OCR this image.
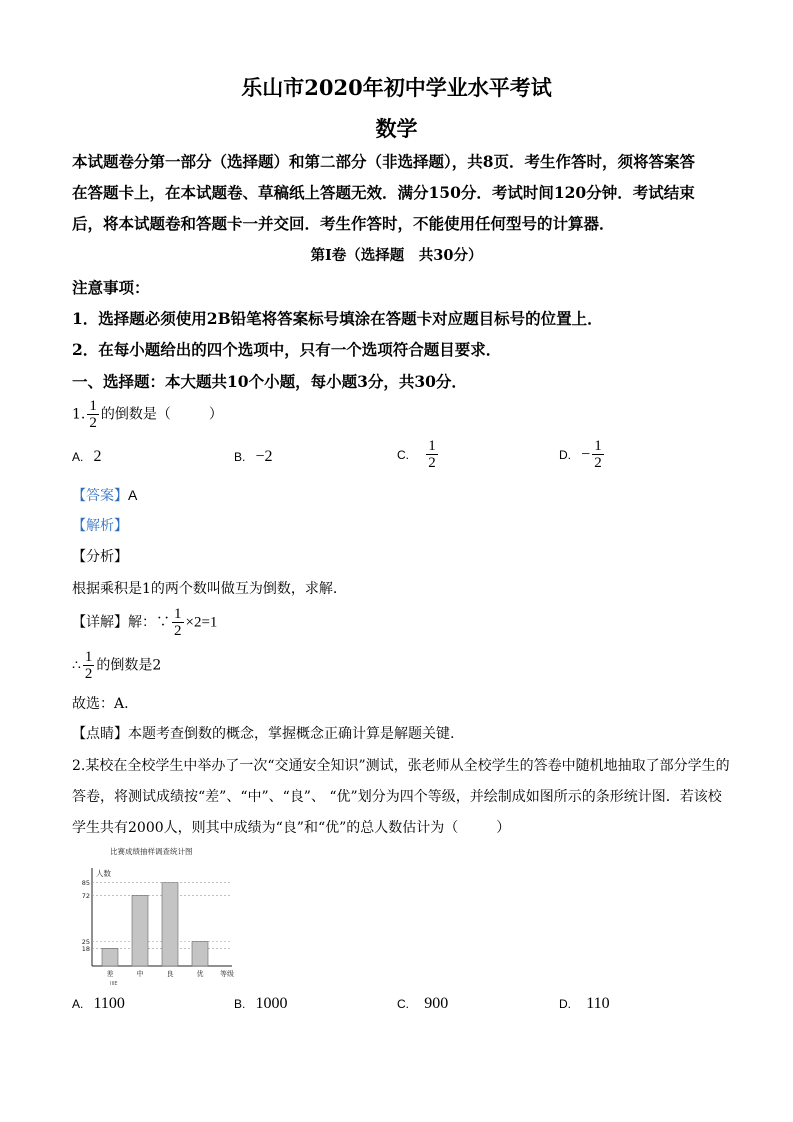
乐山市2020年初中学业水平考试
数学
本试题卷分第一部分（选择题）和第二部分（非选择题），共8页．考生作答时，须将答案答
在答题卡上，在本试题卷、草稿纸上答题无效．满分150分．考试时间120分钟．考试结束
后，将本试题卷和答题卡一并交回．考生作答时，不能使用任何型号的计算器．
第Ⅰ卷（选择题　共30分）
注意事项：
1．选择题必须使用2B铅笔将答案标号填涂在答题卡对应题目标号的位置上．
2．在每小题给出的四个选项中，只有一个选项符合题目要求．
一、选择题：本大题共10个小题，每小题3分，共30分．
1. $\frac{1}{2}$ 的倒数是（	）
A. 2	B. −2	C. $\frac{1}{2}$	D. − $\frac{1}{2}$
【答案】A
【解析】
【分析】
根据乘积是1的两个数叫做互为倒数，求解.
【详解】解：∵ $\frac{1}{2} \times 2=1$
∴ $\frac{1}{2}$ 的倒数是2
故选：A.
【点睛】本题考查倒数的概念，掌握概念正确计算是解题关键.
2.某校在全校学生中举办了一次“交通安全知识”测试，张老师从全校学生的答卷中随机地抽取了部分学生的
答卷，将测试成绩按“差”、“中”、“良”、 “优”划分为四个等级，并绘制成如图所示的条形统计图．若该校
学生共有2000人，则其中成绩为“良”和“优”的总人数估计为（	）
比赛成绩抽样调查统计图
人数
18
25
72
85
差	中	良	优 等级
IIIE
A. 1100	B. 1000	C. 900	D. 110
